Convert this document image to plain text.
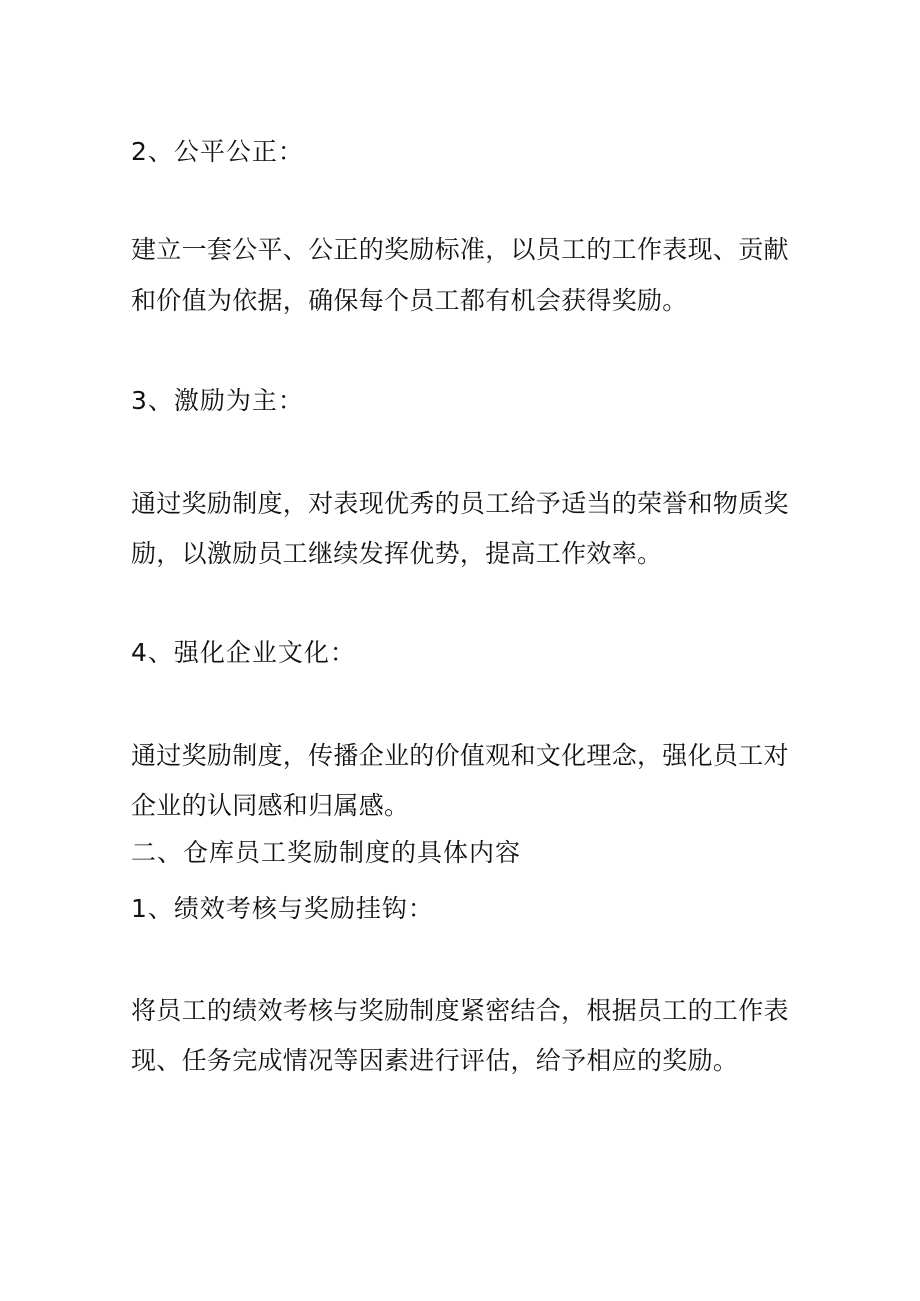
2、公平公正：
建立一套公平、公正的奖励标准，以员工的工作表现、贡献
和价值为依据，确保每个员工都有机会获得奖励。
3、激励为主：
通过奖励制度，对表现优秀的员工给予适当的荣誉和物质奖
励，以激励员工继续发挥优势，提高工作效率。
4、强化企业文化：
通过奖励制度，传播企业的价值观和文化理念，强化员工对
企业的认同感和归属感。
二、仓库员工奖励制度的具体内容
1、绩效考核与奖励挂钩：
将员工的绩效考核与奖励制度紧密结合，根据员工的工作表
现、任务完成情况等因素进行评估，给予相应的奖励。
